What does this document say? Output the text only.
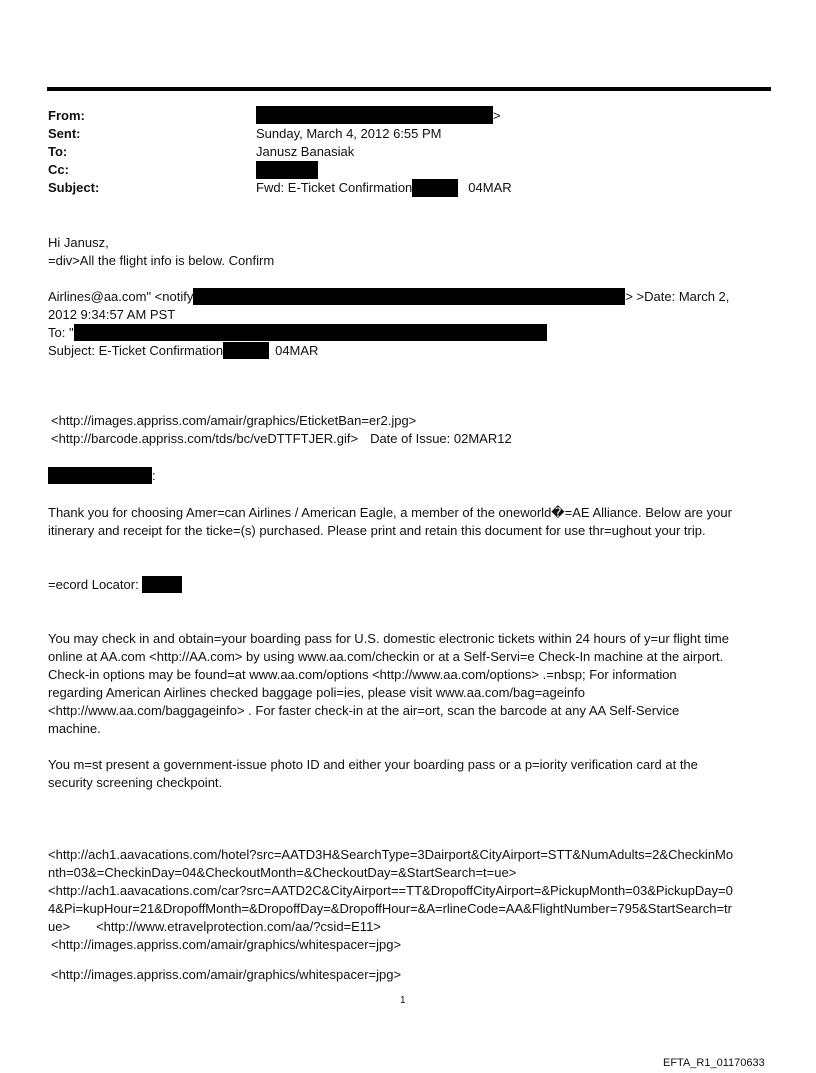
From:	>
Sent:	Sunday, March 4, 2012 6:55 PM
To:	Janusz Banasiak
Cc:
Subject:	Fwd: E-Ticket Confirmation	04MAR
Hi Janusz,
=div>All the flight info is below. Confirm
Airlines@aa.com" <notify	> >Date: March 2,
2012 9:34:57 AM PST
To: "
Subject: E-Ticket Confirmation	04MAR
<http://images.appriss.com/amair/graphics/EticketBan=er2.jpg>
<http://barcode.appriss.com/tds/bc/veDTTFTJER.gif> Date of Issue: 02MAR12
:
Thank you for choosing Amer=can Airlines / American Eagle, a member of the oneworld�=AE Alliance. Below are your
itinerary and receipt for the ticke=(s) purchased. Please print and retain this document for use thr=ughout your trip.
=ecord Locator:
You may check in and obtain=your boarding pass for U.S. domestic electronic tickets within 24 hours of y=ur flight time
online at AA.com <http://AA.com> by using www.aa.com/checkin or at a Self-Servi=e Check-In machine at the airport.
Check-in options may be found=at www.aa.com/options <http://www.aa.com/options> .=nbsp; For information
regarding American Airlines checked baggage poli=ies, please visit www.aa.com/bag=ageinfo
<http://www.aa.com/baggageinfo> . For faster check-in at the air=ort, scan the barcode at any AA Self-Service
machine.
You m=st present a government-issue photo ID and either your boarding pass or a p=iority verification card at the
security screening checkpoint.
<http://ach1.aavacations.com/hotel?src=AATD3H&SearchType=3Dairport&CityAirport=STT&NumAdults=2&CheckinMo
nth=03&=CheckinDay=04&CheckoutMonth=&CheckoutDay=&StartSearch=t=ue>
<http://ach1.aavacations.com/car?src=AATD2C&CityAirport==TT&DropoffCityAirport=&PickupMonth=03&PickupDay=0
4&Pi=kupHour=21&DropoffMonth=&DropoffDay=&DropoffHour=&A=rlineCode=AA&FlightNumber=795&StartSearch=tr
ue> <http://www.etravelprotection.com/aa/?csid=E11>
<http://images.appriss.com/amair/graphics/whitespacer=jpg>
<http://images.appriss.com/amair/graphics/whitespacer=jpg>
1
EFTA_R1_01170633
